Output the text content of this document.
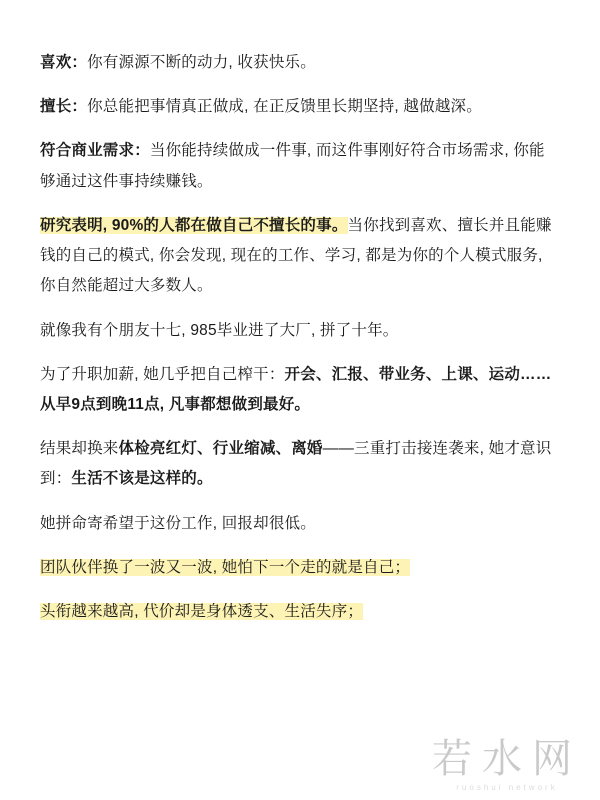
喜欢：你有源源不断的动力, 收获快乐。
擅长：你总能把事情真正做成, 在正反馈里长期坚持, 越做越深。
符合商业需求：当你能持续做成一件事, 而这件事刚好符合市场需求, 你能够通过这件事持续赚钱。
研究表明, 90%的人都在做自己不擅长的事。当你找到喜欢、擅长并且能赚钱的自己的模式, 你会发现, 现在的工作、学习, 都是为你的个人模式服务, 你自然能超过大多数人。
就像我有个朋友十七, 985毕业进了大厂, 拼了十年。
为了升职加薪, 她几乎把自己榨干：开会、汇报、带业务、上课、运动……从早9点到晚11点, 凡事都想做到最好。
结果却换来体检亮红灯、行业缩减、离婚——三重打击接连袭来, 她才意识到：生活不该是这样的。
她拼命寄希望于这份工作, 回报却很低。
团队伙伴换了一波又一波, 她怕下一个走的就是自己；
头衔越来越高, 代价却是身体透支、生活失序；
若水网
ruoshui network
